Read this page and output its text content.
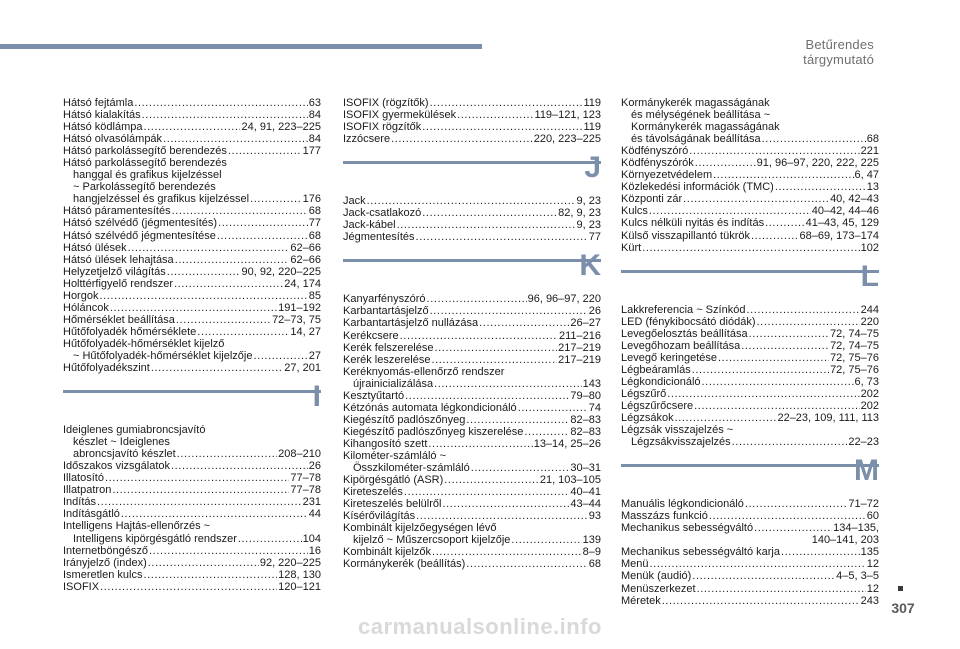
Betűrendes tárgymutató
Hátsó fejtámla .....	63
Hátsó kialakítás .....	84
Hátsó ködlámpa .....	24, 91, 223–225
Hátsó olvasólámpák .....	84
Hátsó parkolássegítő berendezés .....	177
Hátsó parkolássegítő berendezés
hanggal és grafikus kijelzéssel
~ Parkolássegítő berendezés
hangjelzéssel és grafikus kijelzéssel .....	176
Hátsó páramentesítés .....	68
Hátsó szélvédő (jégmentesítés) .....	77
Hátsó szélvédő jégmentesítése .....	68
Hátsó ülések .....	62–66
Hátsó ülések lehajtása .....	62–66
Helyzetjelző világítás .....	90, 92, 220–225
Holttérfigyelő rendszer .....	24, 174
Horgok .....	85
Hóláncok .....	191–192
Hőmérséklet beállítása .....	72–73, 75
Hűtőfolyadék hőmérséklete .....	14, 27
Hűtőfolyadék-hőmérséklet kijelző
~ Hűtőfolyadék-hőmérséklet kijelzője .....	27
Hűtőfolyadékszint .....	27, 201
I
Ideiglenes gumiabroncsjavító
készlet ~ Ideiglenes
abroncsjavító készlet .....	208–210
Időszakos vizsgálatok .....	26
Illatosító .....	77–78
Illatpatron .....	77–78
Indítás .....	231
Indításgátló .....	44
Intelligens Hajtás-ellenőrzés ~
Intelligens kipörgésgátló rendszer .....	104
Internetböngésző .....	16
Irányjelző (index) .....	92, 220–225
Ismeretlen kulcs .....	128, 130
ISOFIX .....	120–121
ISOFIX (rögzítők) .....	119
ISOFIX gyermekülések .....	119–121, 123
ISOFIX rögzítők .....	119
Izzócsere .....	220, 223–225
J
Jack .....	9, 23
Jack-csatlakozó .....	82, 9, 23
Jack-kábel .....	9, 23
Jégmentesítés .....	77
K
Kanyarfényszóró .....	96, 96–97, 220
Karbantartásjelző .....	26
Karbantartásjelző nullázása .....	26–27
Kerékcsere .....	211–216
Kerék felszerelése .....	217–219
Kerék leszerelése .....	217–219
Keréknyomás-ellenőrző rendszer
újrainicializálása .....	143
Kesztyűtartó .....	79–80
Kétzónás automata légkondicionáló .....	74
Kiegészítő padlószőnyeg .....	82–83
Kiegészítő padlószőnyeg kiszerelése .....	82–83
Kihangosító szett .....	13–14, 25–26
Kilométer-számláló ~
Összkilométer-számláló .....	30–31
Kipörgésgátló (ASR) .....	21, 103–105
Kireteszelés .....	40–41
Kireteszelés belülről .....	43–44
Kísérővilágítás .....	93
Kombinált kijelzőegységen lévő
kijelző ~ Műszercsoport kijelzője .....	139
Kombinált kijelzők .....	8–9
Kormánykerék (beállítás) .....	68
Kormánykerék magasságának
és mélységének beállítása ~
Kormánykerék magasságának
és távolságának beállítása .....	68
Ködfényszóró .....	221
Ködfényszórók .....	91, 96–97, 220, 222, 225
Környezetvédelem .....	6, 47
Közlekedési információk (TMC) .....	13
Központi zár .....	40, 42–43
Kulcs .....	40–42, 44–46
Kulcs nélküli nyitás és indítás .....	41–43, 45, 129
Külső visszapillantó tükrök .....	68–69, 173–174
Kürt .....	102
L
Lakkreferencia ~ Színkód .....	244
LED (fénykibocsátó diódák) .....	220
Levegőelosztás beállítása .....	72, 74–75
Levegőhozam beállítása .....	72, 74–75
Levegő keringetése .....	72, 75–76
Légbeáramlás .....	72, 75–76
Légkondicionáló .....	6, 73
Légszűrő .....	202
Légszűrőcsere .....	202
Légzsákok .....	22–23, 109, 111, 113
Légzsák visszajelzés ~
Légzsákvisszajelzés .....	22–23
M
Manuális légkondicionáló .....	71–72
Masszázs funkció .....	60
Mechanikus sebességváltó .....	134–135,
140–141, 203
Mechanikus sebességváltó karja .....	135
Menü .....	12
Menük (audió) .....	4–5, 3–5
Menüszerkezet .....	12
Méretek .....	243 307
carmanualsonline.info
